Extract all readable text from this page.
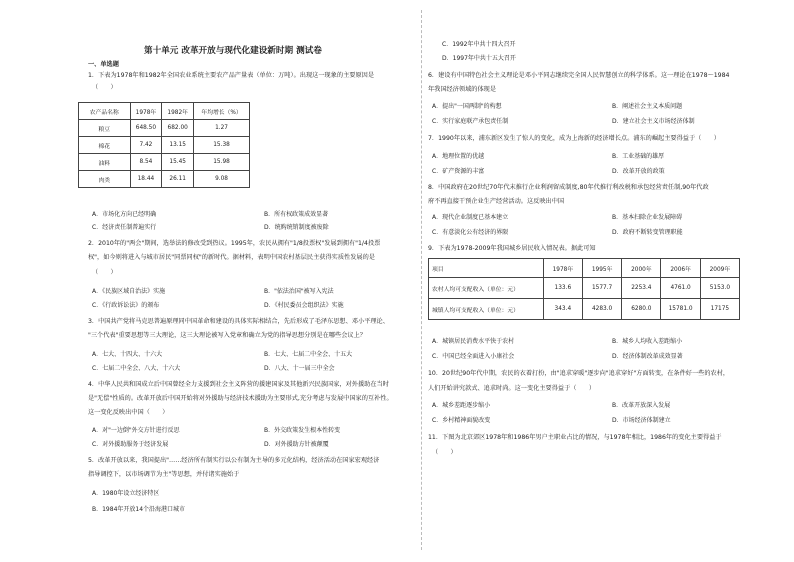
第十单元 改革开放与现代化建设新时期 测试卷
一、单选题
1．下表为1978年和1982年全国农业系统主要农产品产量表（单位：万吨）。出现这一现象的主要原因是
（　　）
农产品名称	1978年	1982年	年均增长（%）
粮豆	648.50	682.00	1.27
棉花	7.42	13.15	15.38
油料	8.54	15.45	15.98
肉类	18.44	26.11	9.08
A．市场化方向已经明确	B．所有权政策成效显著
C．经济责任制普遍实行	D．统购统销制度被废除
2．2010年的"两会"期间，选举法的修改受到热议。1995年，农民从拥有"1/8投票权"发展到拥有"1/4投票
权"，如今则将进入与城市居民"同票同权"的新时代。据材料，表明中国农村基层民主获得实质性发展的是
（　　）
A．《民族区域自治法》实施	B．"依法治国"被写入宪法
C．《行政诉讼法》的颁布	D．《村民委员会组织法》实施
3．中国共产党将马克思普遍原理同中国革命和建设的具体实际相结合，先后形成了毛泽东思想、邓小平理论、
"三个代表"重要思想等三大理论，这三大理论被写入党章和确立为党的指导思想分别是在哪些会议上？
A．七大、十四大、十六大	B．七大、七届二中全会、十五大
C．七届二中全会、八大、十六大	D．八大、十一届三中全会
4．中华人民共和国成立后中国曾经全力支援到社会主义阵营的援建国家及其他新兴民族国家，对外援助在当时
是"无偿"性质的。改革开放后中国开始将对外援助与经济技术援助为主要形式,充分考虑与发展中国家的互补性。
这一变化反映出中国（　　）
A．对"一边倒"外交方针进行反思	B．外交政策发生根本性转变
C．对外援助服务于经济发展	D．对外援助方针被颠覆
5．改革开放以来，我国提出"……经济所有制实行以公有制为主导的多元化结构，经济活动在国家宏观经济
指导调控下，以市场调节为主"等思想，并付诸实施始于
A．1980年设立经济特区
B．1984年开放14个沿海港口城市
C．1992年中共十四大召开
D．1997年中共十五大召开
6．建设有中国特色社会主义理论是邓小平同志继续完全国人民智慧创立的科学体系。这一理论在1978～1984
年我国经济领域的体现是
A．提出"一国两制"的构想	B．阐述社会主义本质问题
C．实行家庭联产承包责任制	D．建立社会主义市场经济体制
7．1990年以来，浦东新区发生了惊人的变化，成为上海新的经济增长点。浦东的崛起主要得益于（　　）
A．地理位置的优越	B．工业基础的雄厚
C．矿产资源的丰富	D．改革开放的政策
8．中国政府在20世纪70年代末推行企业利润留成制度,80年代推行利改税和承包经营责任制,90年代政
府不再直接干预企业生产经营活动。这反映出中国
A．现代企业制度已基本建立	B．基本扫除企业发展障碍
C．有意淡化公有经济的界限	D．政府不断转变管理职能
9．下表为1978-2009年我国城乡居民收入情况表。据此可知
项目	1978年	1995年	2000年	2006年	2009年
农村人均可支配收入（单位：元）	133.6	1577.7	2253.4	4761.0	5153.0
城镇人均可支配收入（单位：元）	343.4	4283.0	6280.0	15781.0	17175
A．城镇居民消费水平快于农村	B．城乡人均收入差距缩小
C．中国已经全面进入小康社会	D．经济体制改革成效显著
10．20世纪90年代中期，农民的衣着打扮，由"追求穿暖"逐步向"追求穿好"方面转变，在条件好一些的农村，
人们开始讲究款式、追求时尚。这一变化主要得益于（　　）
A．城乡差距逐步缩小	B．改革开放深入发展
C．乡村精神面貌改变	D．市场经济体制建立
11．下图为北京郊区1978年和1986年男户主职业占比的情况，与1978年相比，1986年的变化主要得益于
（　　）
